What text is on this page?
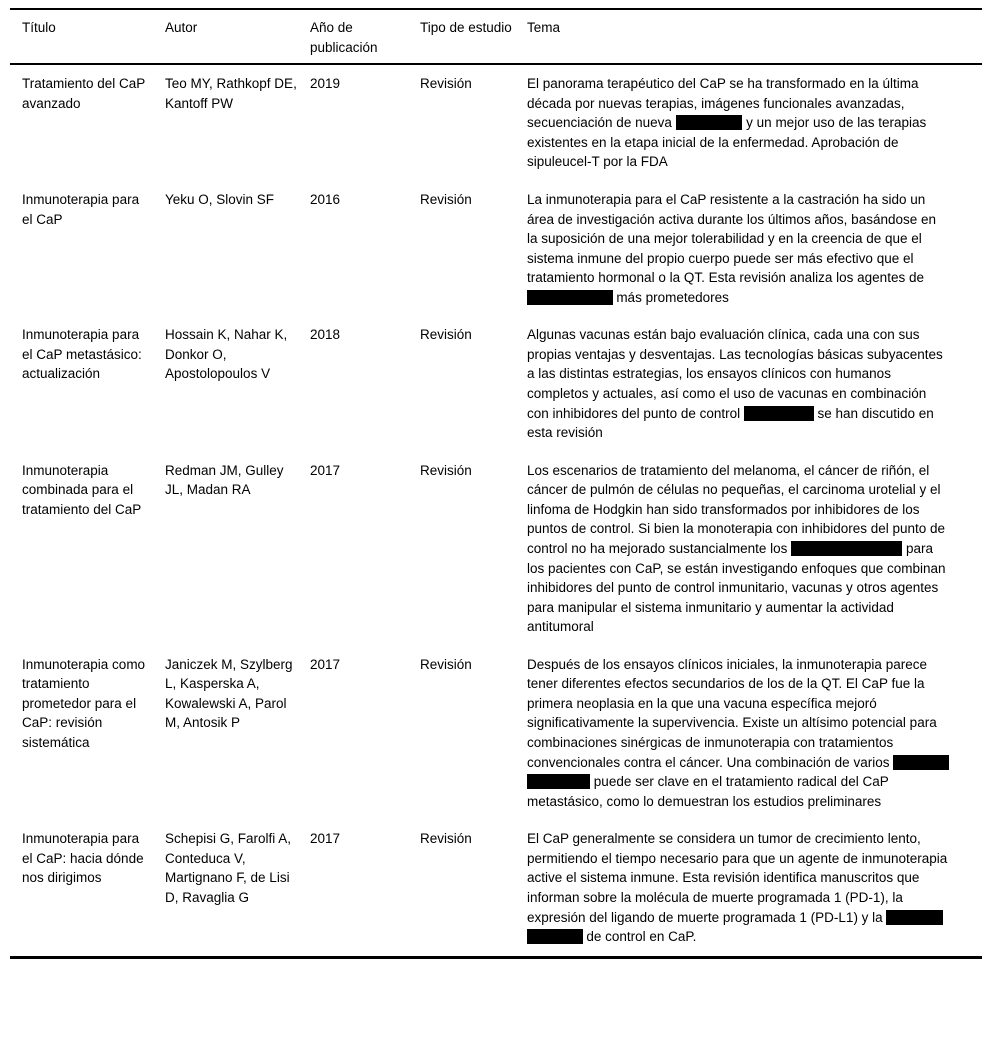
Título	Autor	Año de publicación	Tipo de estudio	Tema
Tratamiento del CaP avanzado	Teo MY, Rathkopf DE, Kantoff PW	2019	Revisión	El panorama terapéutico del CaP se ha transformado en la última década por nuevas terapias, imágenes funcionales avanzadas, secuenciación de nueva generación y un mejor uso de las terapias existentes en la etapa inicial de la enfermedad. Aprobación de sipuleucel-T por la FDA
Inmunoterapia para el CaP	Yeku O, Slovin SF	2016	Revisión	La inmunoterapia para el CaP resistente a la castración ha sido un área de investigación activa durante los últimos años, basándose en la suposición de una mejor tolerabilidad y en la creencia de que el sistema inmune del propio cuerpo puede ser más efectivo que el tratamiento hormonal o la QT. Esta revisión analiza los agentes de inmunoterapia más prometedores
Inmunoterapia para el CaP metastásico: actualización	Hossain K, Nahar K, Donkor O, Apostolopoulos V	2018	Revisión	Algunas vacunas están bajo evaluación clínica, cada una con sus propias ventajas y desventajas. Las tecnologías básicas subyacentes a las distintas estrategias, los ensayos clínicos con humanos completos y actuales, así como el uso de vacunas en combinación con inhibidores del punto de control inmunitario, se han discutido en esta revisión
Inmunoterapia combinada para el tratamiento del CaP	Redman JM, Gulley JL, Madan RA	2017	Revisión	Los escenarios de tratamiento del melanoma, el cáncer de riñón, el cáncer de pulmón de células no pequeñas, el carcinoma urotelial y el linfoma de Hodgkin han sido transformados por inhibidores de los puntos de control. Si bien la monoterapia con inhibidores del punto de control no ha mejorado sustancialmente los resultados clínicos para los pacientes con CaP, se están investigando enfoques que combinan inhibidores del punto de control inmunitario, vacunas y otros agentes para manipular el sistema inmunitario y aumentar la actividad antitumoral
Inmunoterapia como tratamiento prometedor para el CaP: revisión sistemática	Janiczek M, Szylberg L, Kasperska A, Kowalewski A, Parol M, Antosik P	2017	Revisión	Después de los ensayos clínicos iniciales, la inmunoterapia parece tener diferentes efectos secundarios de los de la QT. El CaP fue la primera neoplasia en la que una vacuna específica mejoró significativamente la supervivencia. Existe un altísimo potencial para combinaciones sinérgicas de inmunoterapia con tratamientos convencionales contra el cáncer. Una combinación de varios fármacos o métodos puede ser clave en el tratamiento radical del CaP metastásico, como lo demuestran los estudios preliminares
Inmunoterapia para el CaP: hacia dónde nos dirigimos	Schepisi G, Farolfi A, Conteduca V, Martignano F, de Lisi D, Ravaglia G	2017	Revisión	El CaP generalmente se considera un tumor de crecimiento lento, permitiendo el tiempo necesario para que un agente de inmunoterapia active el sistema inmune. Esta revisión identifica manuscritos que informan sobre la molécula de muerte programada 1 (PD-1), la expresión del ligando de muerte programada 1 (PD-L1) y la inhibición del punto de control en CaP.
